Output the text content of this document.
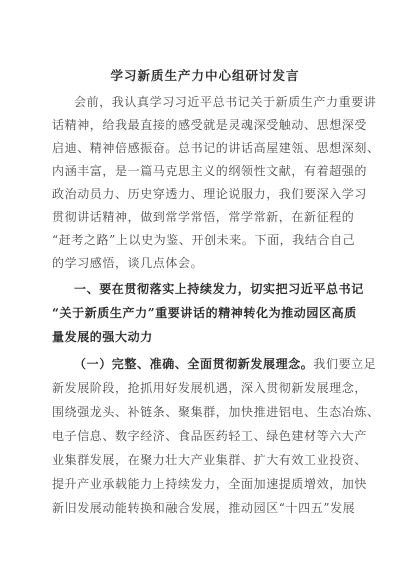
学习新质生产力中心组研讨发言
会前，我认真学习习近平总书记关于新质生产力重要讲
话精神，给我最直接的感受就是灵魂深受触动、思想深受
启迪、精神倍感振奋。总书记的讲话高屋建瓴、思想深刻、
内涵丰富，是一篇马克思主义的纲领性文献，有着超强的
政治动员力、历史穿透力、理论说服力，我们要深入学习
贯彻讲话精神，做到常学常悟，常学常新，在新征程的
“赶考之路”上以史为鉴、开创未来。下面，我结合自己
的学习感悟，谈几点体会。
一、要在贯彻落实上持续发力，切实把习近平总书记
“关于新质生产力”重要讲话的精神转化为推动园区高质
量发展的强大动力
（一）完整、准确、全面贯彻新发展理念。我们要立足
新发展阶段，抢抓用好发展机遇，深入贯彻新发展理念，
围绕强龙头、补链条、聚集群，加快推进铝电、生态冶炼、
电子信息、数字经济、食品医药轻工、绿色建材等六大产
业集群发展，在聚力壮大产业集群、扩大有效工业投资、
提升产业承载能力上持续发力，全面加速提质增效，加快
新旧发展动能转换和融合发展，推动园区“十四五”发展
